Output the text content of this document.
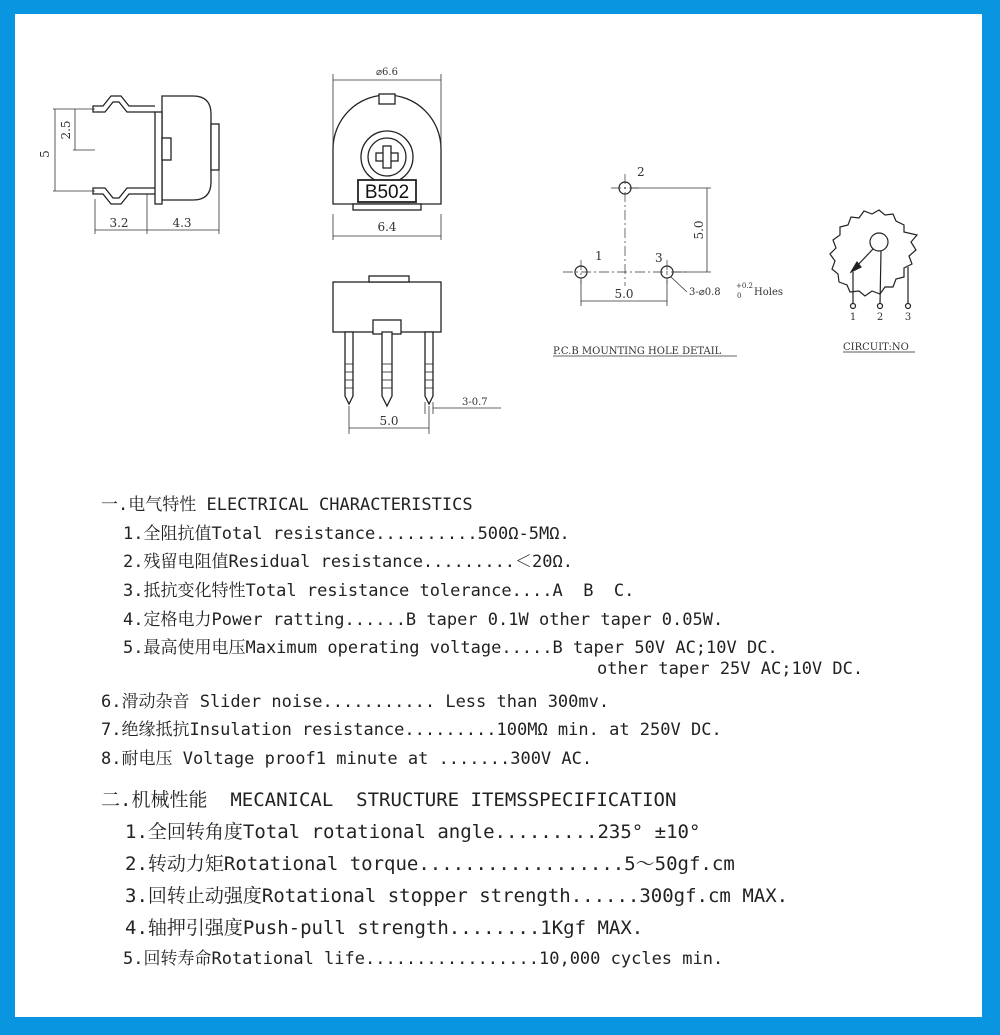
5
2.5
3.2	4.3
B502
⌀6.6
6.4
5.0
3-0.7
1
2
3
5.0
5.0
3-⌀0.8
+0.2
0 Holes
P.C.B MOUNTING HOLE DETAIL
1 2 3
CIRCUIT:NO
一.电气特性 ELECTRICAL CHARACTERISTICS
1.全阻抗值Total resistance..........500Ω-5MΩ.
2.残留电阻值Residual resistance.........＜20Ω.
3.抵抗变化特性Total resistance tolerance....A  B  C.
4.定格电力Power ratting......B taper 0.1W other taper 0.05W.
5.最高使用电压Maximum operating voltage.....B taper 50V AC;10V DC.
other taper 25V AC;10V DC.
6.滑动杂音 Slider noise........... Less than 300mv.
7.绝缘抵抗Insulation resistance.........100MΩ min. at 250V DC.
8.耐电压 Voltage proof1 minute at .......300V AC.
二.机械性能  MECANICAL  STRUCTURE ITEMSSPECIFICATION
1.全回转角度Total rotational angle.........235° ±10°
2.转动力矩Rotational torque..................5～50gf.cm
3.回转止动强度Rotational stopper strength......300gf.cm MAX.
4.轴押引强度Push-pull strength........1Kgf MAX.
5.回转寿命Rotational life.................10,000 cycles min.
